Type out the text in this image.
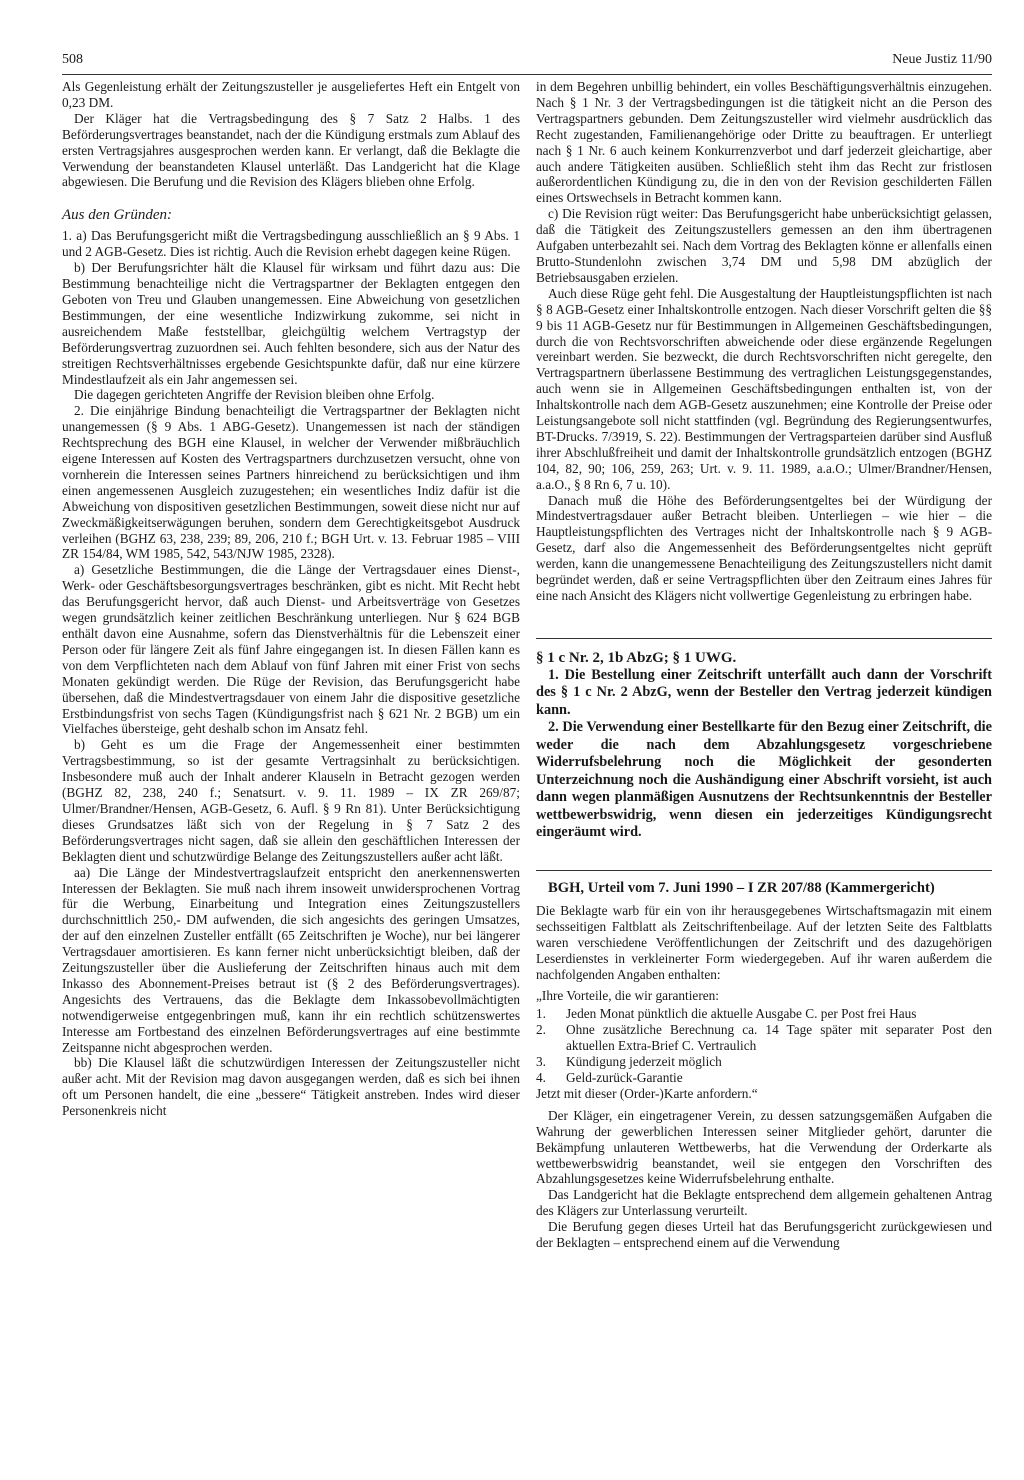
508	Neue Justiz 11/90

Als Gegenleistung erhält der Zeitungszusteller je ausgeliefertes Heft ein Entgelt von 0,23 DM.

Der Kläger hat die Vertragsbedingung des § 7 Satz 2 Halbs. 1 des Beförderungsvertrages beanstandet, nach der die Kündigung erstmals zum Ablauf des ersten Vertragsjahres ausgesprochen werden kann. Er verlangt, daß die Beklagte die Verwendung der beanstandeten Klausel unterläßt. Das Landgericht hat die Klage abgewiesen. Die Berufung und die Revision des Klägers blieben ohne Erfolg.

Aus den Gründen:

1. a) Das Berufungsgericht mißt die Vertragsbedingung ausschließlich an § 9 Abs. 1 und 2 AGB-Gesetz. Dies ist richtig. Auch die Revision erhebt dagegen keine Rügen.

b) Der Berufungsrichter hält die Klausel für wirksam und führt dazu aus: Die Bestimmung benachteilige nicht die Vertragspartner der Beklagten entgegen den Geboten von Treu und Glauben unangemessen. Eine Abweichung von gesetzlichen Bestimmungen, der eine wesentliche Indizwirkung zukomme, sei nicht in ausreichendem Maße feststellbar, gleichgültig welchem Vertragstyp der Beförderungsvertrag zuzuordnen sei. Auch fehlten besondere, sich aus der Natur des streitigen Rechtsverhältnisses ergebende Gesichtspunkte dafür, daß nur eine kürzere Mindestlaufzeit als ein Jahr angemessen sei.

Die dagegen gerichteten Angriffe der Revision bleiben ohne Erfolg.

2. Die einjährige Bindung benachteiligt die Vertragspartner der Beklagten nicht unangemessen (§ 9 Abs. 1 ABG-Gesetz). Unangemessen ist nach der ständigen Rechtsprechung des BGH eine Klausel, in welcher der Verwender mißbräuchlich eigene Interessen auf Kosten des Vertragspartners durchzusetzen versucht, ohne von vornherein die Interessen seines Partners hinreichend zu berücksichtigen und ihm einen angemessenen Ausgleich zuzugestehen; ein wesentliches Indiz dafür ist die Abweichung von dispositiven gesetzlichen Bestimmungen, soweit diese nicht nur auf Zweckmäßigkeitserwägungen beruhen, sondern dem Gerechtigkeitsgebot Ausdruck verleihen (BGHZ 63, 238, 239; 89, 206, 210 f.; BGH Urt. v. 13. Februar 1985 – VIII ZR 154/84, WM 1985, 542, 543/NJW 1985, 2328).

a) Gesetzliche Bestimmungen, die die Länge der Vertragsdauer eines Dienst-, Werk- oder Geschäftsbesorgungsvertrages beschränken, gibt es nicht. Mit Recht hebt das Berufungsgericht hervor, daß auch Dienst- und Arbeitsverträge von Gesetzes wegen grundsätzlich keiner zeitlichen Beschränkung unterliegen. Nur § 624 BGB enthält davon eine Ausnahme, sofern das Dienstverhältnis für die Lebenszeit einer Person oder für längere Zeit als fünf Jahre eingegangen ist. In diesen Fällen kann es von dem Verpflichteten nach dem Ablauf von fünf Jahren mit einer Frist von sechs Monaten gekündigt werden. Die Rüge der Revision, das Berufungsgericht habe übersehen, daß die Mindestvertragsdauer von einem Jahr die dispositive gesetzliche Erstbindungsfrist von sechs Tagen (Kündigungsfrist nach § 621 Nr. 2 BGB) um ein Vielfaches übersteige, geht deshalb schon im Ansatz fehl.

b) Geht es um die Frage der Angemessenheit einer bestimmten Vertragsbestimmung, so ist der gesamte Vertragsinhalt zu berücksichtigen. Insbesondere muß auch der Inhalt anderer Klauseln in Betracht gezogen werden (BGHZ 82, 238, 240 f.; Senatsurt. v. 9. 11. 1989 – IX ZR 269/87; Ulmer/Brandner/Hensen, AGB-Gesetz, 6. Aufl. § 9 Rn 81). Unter Berücksichtigung dieses Grundsatzes läßt sich von der Regelung in § 7 Satz 2 des Beförderungsvertrages nicht sagen, daß sie allein den geschäftlichen Interessen der Beklagten dient und schutzwürdige Belange des Zeitungszustellers außer acht läßt.

aa) Die Länge der Mindestvertragslaufzeit entspricht den anerkennenswerten Interessen der Beklagten. Sie muß nach ihrem insoweit unwidersprochenen Vortrag für die Werbung, Einarbeitung und Integration eines Zeitungszustellers durchschnittlich 250,- DM aufwenden, die sich angesichts des geringen Umsatzes, der auf den einzelnen Zusteller entfällt (65 Zeitschriften je Woche), nur bei längerer Vertragsdauer amortisieren. Es kann ferner nicht unberücksichtigt bleiben, daß der Zeitungszusteller über die Auslieferung der Zeitschriften hinaus auch mit dem Inkasso des Abonnement-Preises betraut ist (§ 2 des Beförderungsvertrages). Angesichts des Vertrauens, das die Beklagte dem Inkassobevollmächtigten notwendigerweise entgegenbringen muß, kann ihr ein rechtlich schützenswertes Interesse am Fortbestand des einzelnen Beförderungsvertrages auf eine bestimmte Zeitspanne nicht abgesprochen werden.

bb) Die Klausel läßt die schutzwürdigen Interessen der Zeitungszusteller nicht außer acht. Mit der Revision mag davon ausgegangen werden, daß es sich bei ihnen oft um Personen handelt, die eine „bessere“ Tätigkeit anstreben. Indes wird dieser Personenkreis nicht

in dem Begehren unbillig behindert, ein volles Beschäftigungsverhältnis einzugehen. Nach § 1 Nr. 3 der Vertragsbedingungen ist die tätigkeit nicht an die Person des Vertragspartners gebunden. Dem Zeitungszusteller wird vielmehr ausdrücklich das Recht zugestanden, Familienangehörige oder Dritte zu beauftragen. Er unterliegt nach § 1 Nr. 6 auch keinem Konkurrenzverbot und darf jederzeit gleichartige, aber auch andere Tätigkeiten ausüben. Schließlich steht ihm das Recht zur fristlosen außerordentlichen Kündigung zu, die in den von der Revision geschilderten Fällen eines Ortswechsels in Betracht kommen kann.

c) Die Revision rügt weiter: Das Berufungsgericht habe unberücksichtigt gelassen, daß die Tätigkeit des Zeitungszustellers gemessen an den ihm übertragenen Aufgaben unterbezahlt sei. Nach dem Vortrag des Beklagten könne er allenfalls einen Brutto-Stundenlohn zwischen 3,74 DM und 5,98 DM abzüglich der Betriebsausgaben erzielen.

Auch diese Rüge geht fehl. Die Ausgestaltung der Hauptleistungspflichten ist nach § 8 AGB-Gesetz einer Inhaltskontrolle entzogen. Nach dieser Vorschrift gelten die §§ 9 bis 11 AGB-Gesetz nur für Bestimmungen in Allgemeinen Geschäftsbedingungen, durch die von Rechtsvorschriften abweichende oder diese ergänzende Regelungen vereinbart werden. Sie bezweckt, die durch Rechtsvorschriften nicht geregelte, den Vertragspartnern überlassene Bestimmung des vertraglichen Leistungsgegenstandes, auch wenn sie in Allgemeinen Geschäftsbedingungen enthalten ist, von der Inhaltskontrolle nach dem AGB-Gesetz auszunehmen; eine Kontrolle der Preise oder Leistungsangebote soll nicht stattfinden (vgl. Begründung des Regierungsentwurfes, BT-Drucks. 7/3919, S. 22). Bestimmungen der Vertragsparteien darüber sind Ausfluß ihrer Abschlußfreiheit und damit der Inhaltskontrolle grundsätzlich entzogen (BGHZ 104, 82, 90; 106, 259, 263; Urt. v. 9. 11. 1989, a.a.O.; Ulmer/Brandner/Hensen, a.a.O., § 8 Rn 6, 7 u. 10).

Danach muß die Höhe des Beförderungsentgeltes bei der Würdigung der Mindestvertragsdauer außer Betracht bleiben. Unterliegen – wie hier – die Hauptleistungspflichten des Vertrages nicht der Inhaltskontrolle nach § 9 AGB-Gesetz, darf also die Angemessenheit des Beförderungsentgeltes nicht geprüft werden, kann die unangemessene Benachteiligung des Zeitungszustellers nicht damit begründet werden, daß er seine Vertragspflichten über den Zeitraum eines Jahres für eine nach Ansicht des Klägers nicht vollwertige Gegenleistung zu erbringen habe.

§ 1 c Nr. 2, 1b AbzG; § 1 UWG.

1. Die Bestellung einer Zeitschrift unterfällt auch dann der Vorschrift des § 1 c Nr. 2 AbzG, wenn der Besteller den Vertrag jederzeit kündigen kann.

2. Die Verwendung einer Bestellkarte für den Bezug einer Zeitschrift, die weder die nach dem Abzahlungsgesetz vorgeschriebene Widerrufsbelehrung noch die Möglichkeit der gesonderten Unterzeichnung noch die Aushändigung einer Abschrift vorsieht, ist auch dann wegen planmäßigen Ausnutzens der Rechtsunkenntnis der Besteller wettbewerbswidrig, wenn diesen ein jederzeitiges Kündigungsrecht eingeräumt wird.

BGH, Urteil vom 7. Juni 1990 – I ZR 207/88 (Kammergericht)

Die Beklagte warb für ein von ihr herausgegebenes Wirtschaftsmagazin mit einem sechsseitigen Faltblatt als Zeitschriftenbeilage. Auf der letzten Seite des Faltblatts waren verschiedene Veröffentlichungen der Zeitschrift und des dazugehörigen Leserdienstes in verkleinerter Form wiedergegeben. Auf ihr waren außerdem die nachfolgenden Angaben enthalten:

„Ihre Vorteile, die wir garantieren:

1. Jeden Monat pünktlich die aktuelle Ausgabe C. per Post frei Haus
2. Ohne zusätzliche Berechnung ca. 14 Tage später mit separater Post den aktuellen Extra-Brief C. Vertraulich
3. Kündigung jederzeit möglich
4. Geld-zurück-Garantie

Jetzt mit dieser (Order-)Karte anfordern.“

Der Kläger, ein eingetragener Verein, zu dessen satzungsgemäßen Aufgaben die Wahrung der gewerblichen Interessen seiner Mitglieder gehört, darunter die Bekämpfung unlauteren Wettbewerbs, hat die Verwendung der Orderkarte als wettbewerbswidrig beanstandet, weil sie entgegen den Vorschriften des Abzahlungsgesetzes keine Widerrufsbelehrung enthalte.

Das Landgericht hat die Beklagte entsprechend dem allgemein gehaltenen Antrag des Klägers zur Unterlassung verurteilt.

Die Berufung gegen dieses Urteil hat das Berufungsgericht zurückgewiesen und der Beklagten – entsprechend einem auf die Verwendung
